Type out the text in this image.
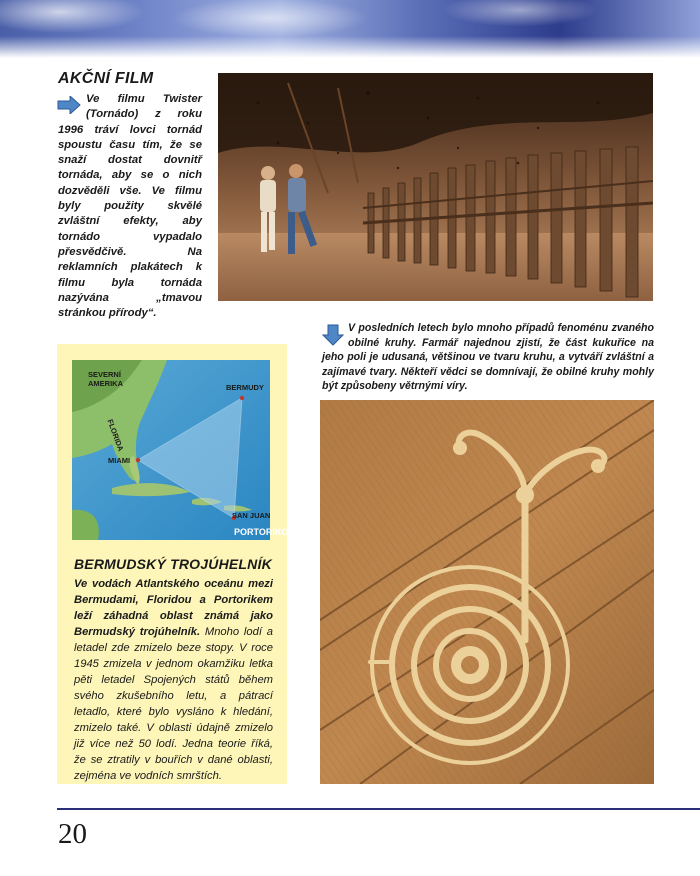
AKČNÍ FILM

Ve filmu Twister (Tornádo) z roku 1996 tráví lovci tornád spoustu času tím, že se snaží dostat dovnitř tornáda, aby se o nich dozvěděli vše. Ve filmu byly použity skvělé zvláštní efekty, aby tornádo vypadalo přesvědčivě. Na reklamních plakátech k filmu byla tornáda nazývána „tmavou stránkou přírody“.

V posledních letech bylo mnoho případů fenoménu zvaného obilné kruhy. Farmář najednou zjistí, že část kukuřice na jeho poli je udusaná, většinou ve tvaru kruhu, a vytváří zvláštní a zajímavé tvary. Někteří vědci se domnívají, že obilné kruhy mohly být způsobeny větrnými víry.

SEVERNÍ AMERIKA	BERMUDY
FLORIDA
MIAMI
SAN JUAN
PORTORIKO
BERMUDSKÝ TROJÚHELNÍK

Ve vodách Atlantského oceánu mezi Bermudami, Floridou a Portorikem leží záhadná oblast známá jako Bermudský trojúhelník. Mnoho lodí a letadel zde zmizelo beze stopy. V roce 1945 zmizela v jednom okamžiku letka pěti letadel Spojených států během svého zkušebního letu, a pátrací letadlo, které bylo vysláno k hledání, zmizelo také. V oblasti údajně zmizelo již více než 50 lodí. Jedna teorie říká, že se ztratily v bouřích v dané oblasti, zejména ve vodních smrštích.

20
